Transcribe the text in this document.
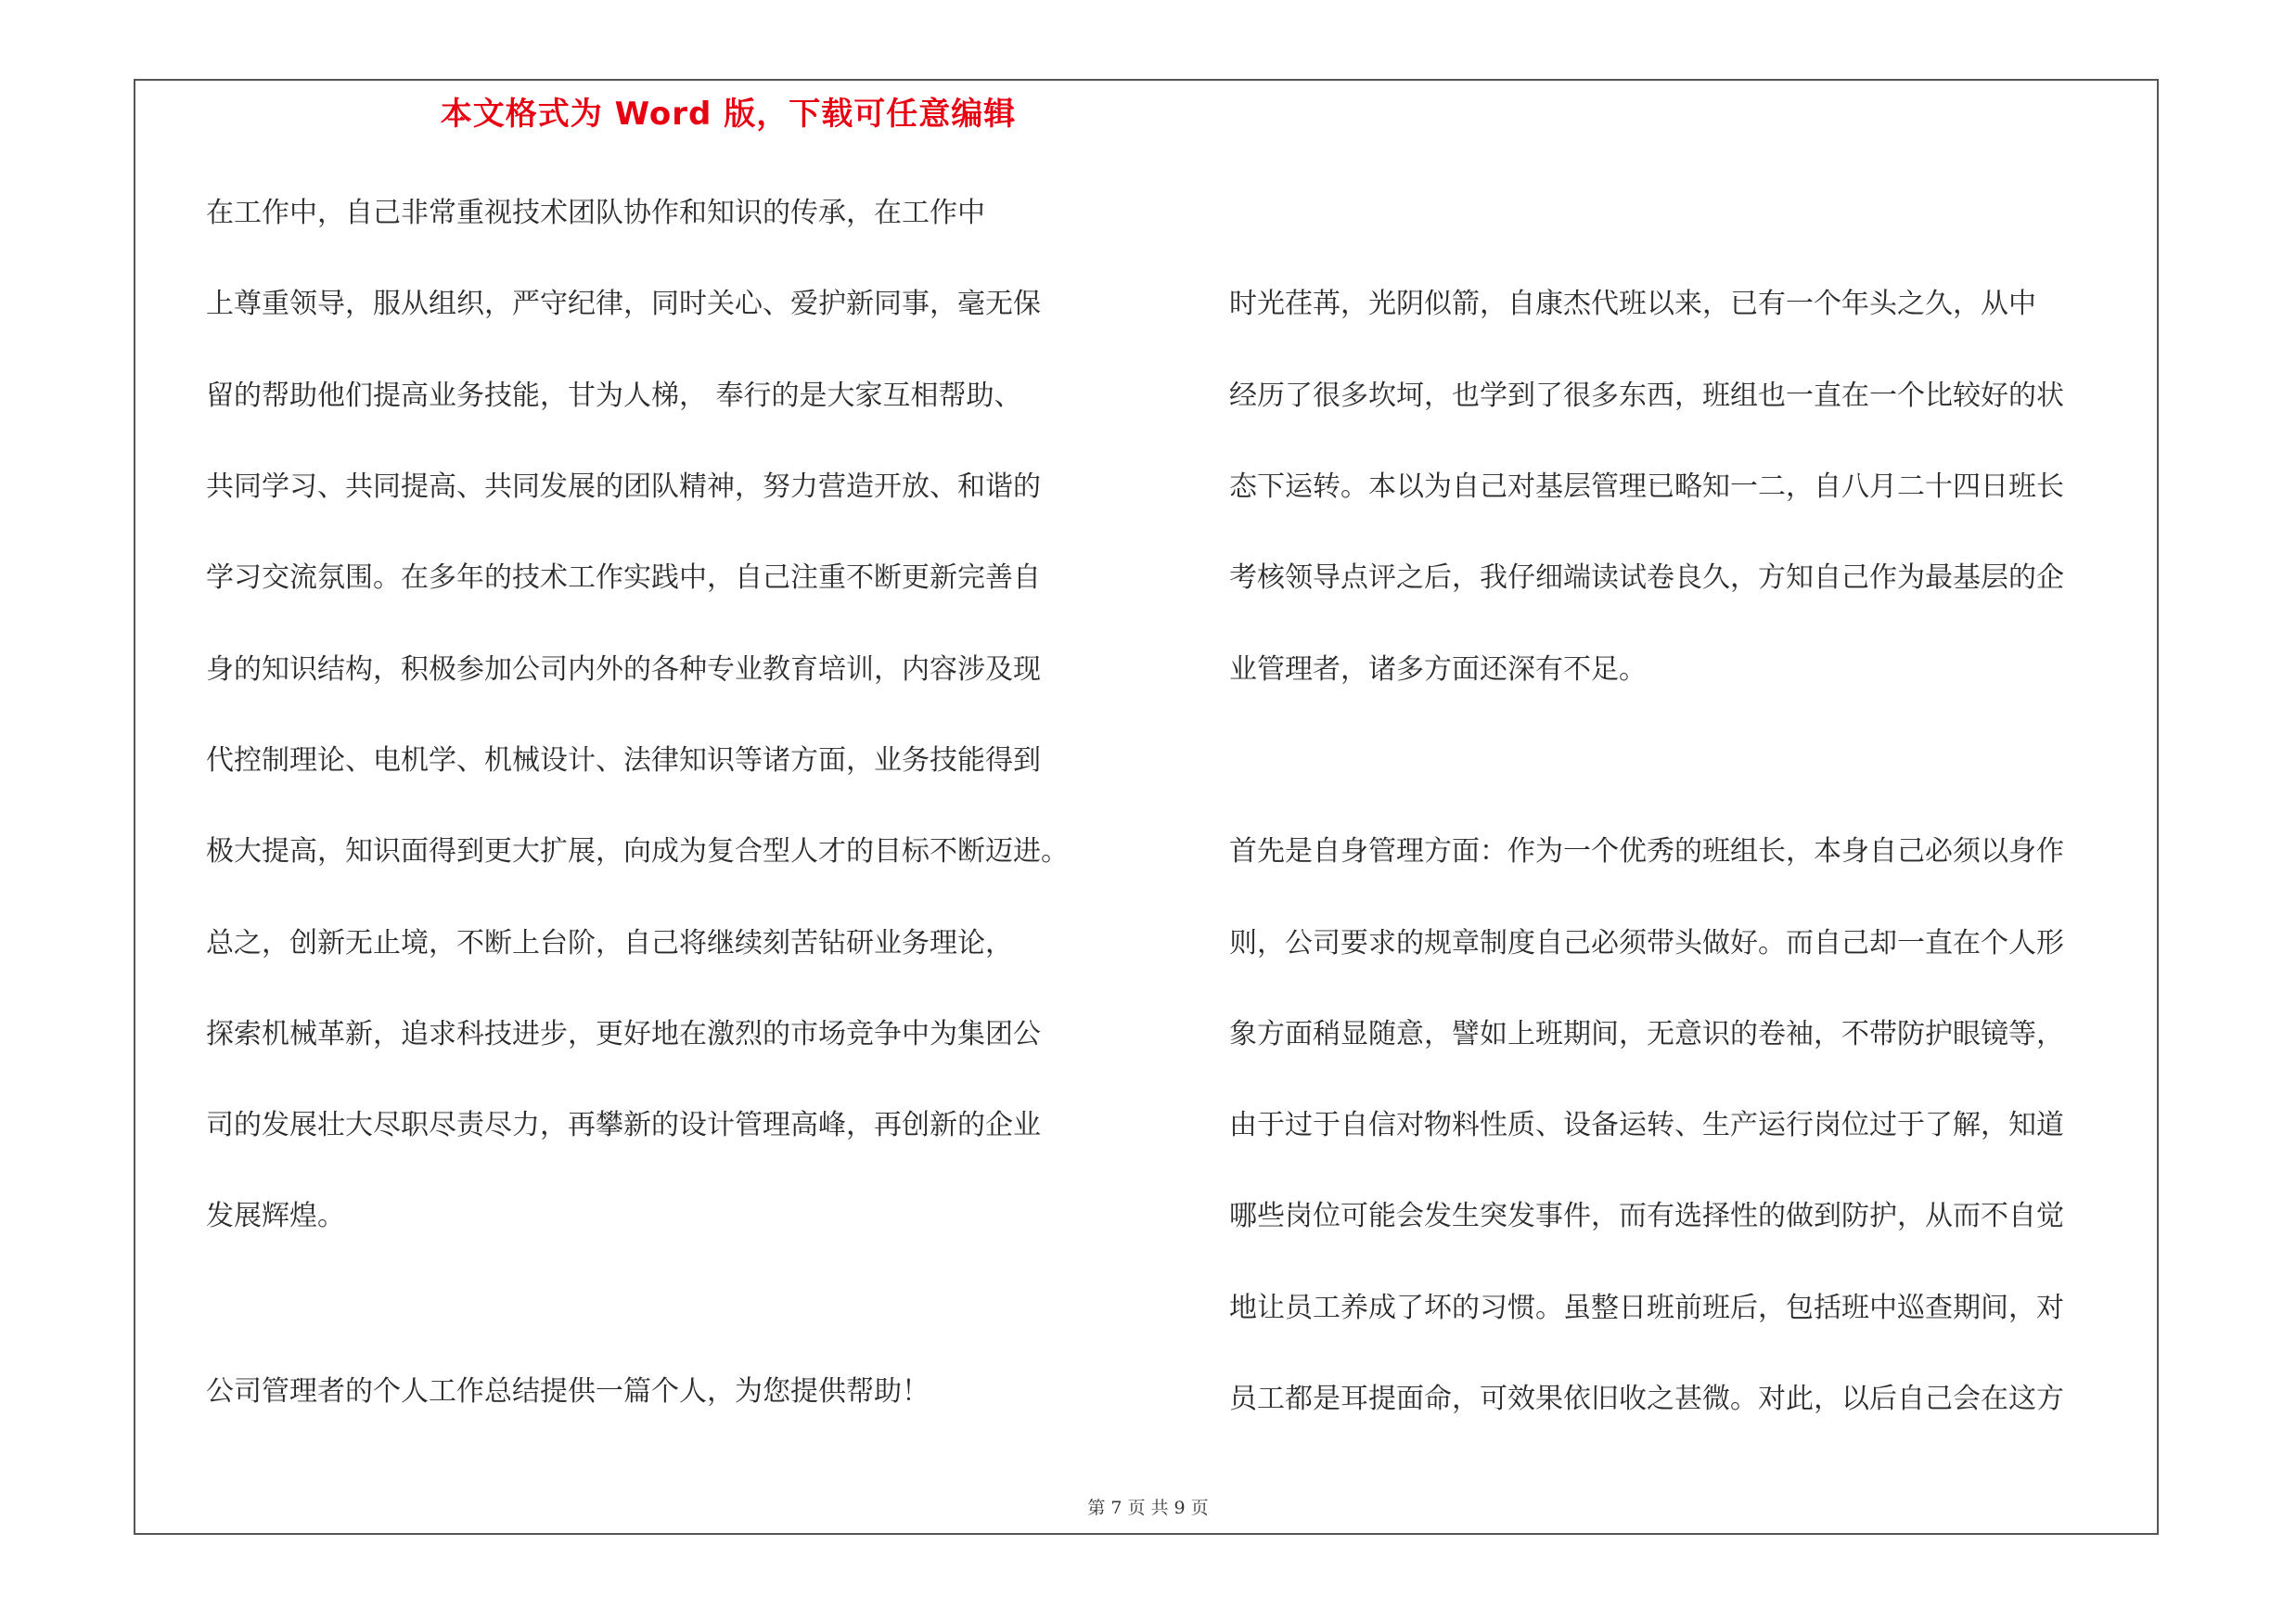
本文格式为 Word 版，下载可任意编辑
在工作中，自己非常重视技术团队协作和知识的传承，在工作中
上尊重领导，服从组织，严守纪律，同时关心、爱护新同事，毫无保
留的帮助他们提高业务技能，甘为人梯， 奉行的是大家互相帮助、
共同学习、共同提高、共同发展的团队精神，努力营造开放、和谐的
学习交流氛围。在多年的技术工作实践中，自己注重不断更新完善自
身的知识结构，积极参加公司内外的各种专业教育培训，内容涉及现
代控制理论、电机学、机械设计、法律知识等诸方面，业务技能得到
极大提高，知识面得到更大扩展，向成为复合型人才的目标不断迈进。
总之，创新无止境，不断上台阶，自己将继续刻苦钻研业务理论，
探索机械革新，追求科技进步，更好地在激烈的市场竞争中为集团公
司的发展壮大尽职尽责尽力，再攀新的设计管理高峰，再创新的企业
发展辉煌。
公司管理者的个人工作总结提供一篇个人，为您提供帮助！
时光荏苒，光阴似箭，自康杰代班以来，已有一个年头之久，从中
经历了很多坎坷，也学到了很多东西，班组也一直在一个比较好的状
态下运转。本以为自己对基层管理已略知一二，自八月二十四日班长
考核领导点评之后，我仔细端读试卷良久，方知自己作为最基层的企
业管理者，诸多方面还深有不足。
首先是自身管理方面：作为一个优秀的班组长，本身自己必须以身作
则，公司要求的规章制度自己必须带头做好。而自己却一直在个人形
象方面稍显随意，譬如上班期间，无意识的卷袖，不带防护眼镜等，
由于过于自信对物料性质、设备运转、生产运行岗位过于了解，知道
哪些岗位可能会发生突发事件，而有选择性的做到防护，从而不自觉
地让员工养成了坏的习惯。虽整日班前班后，包括班中巡查期间，对
员工都是耳提面命，可效果依旧收之甚微。对此，以后自己会在这方
第 7 页 共 9 页
